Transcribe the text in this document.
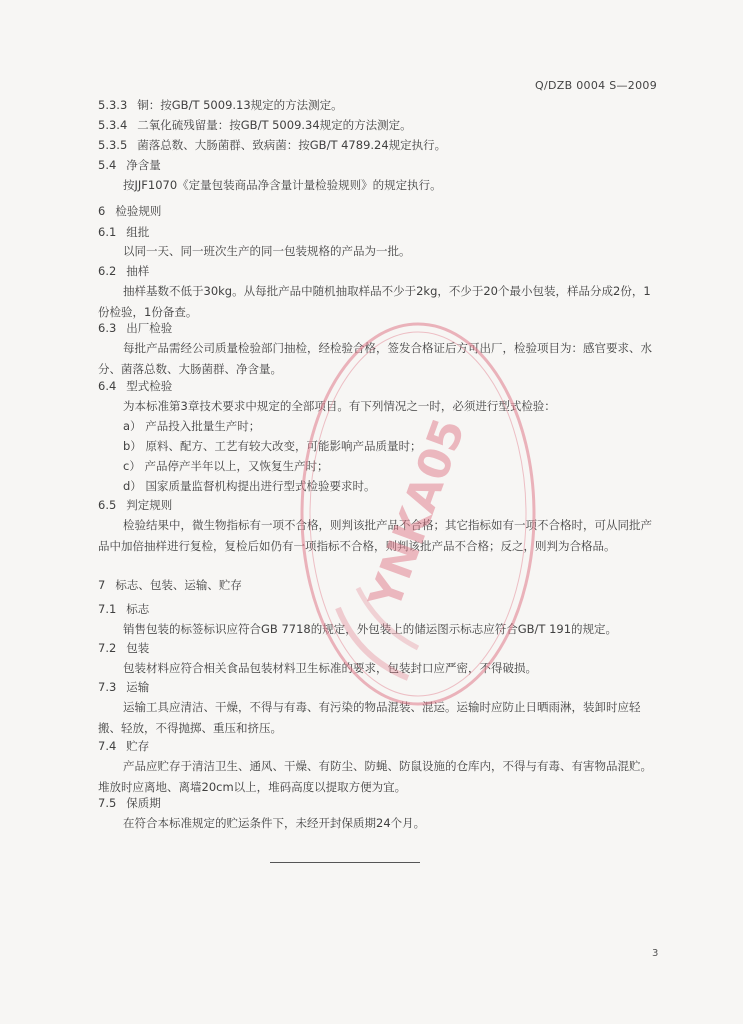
Q/DZB 0004 S—2009
5.3.3 铜：按GB/T 5009.13规定的方法测定。
5.3.4 二氧化硫残留量：按GB/T 5009.34规定的方法测定。
5.3.5 菌落总数、大肠菌群、致病菌：按GB/T 4789.24规定执行。
5.4 净含量
按JJF1070《定量包装商品净含量计量检验规则》的规定执行。
6 检验规则
6.1 组批
以同一天、同一班次生产的同一包装规格的产品为一批。
6.2 抽样
抽样基数不低于30kg。从每批产品中随机抽取样品不少于2kg，不少于20个最小包装，样品分成2份，1份检验，1份备查。
6.3 出厂检验
每批产品需经公司质量检验部门抽检，经检验合格，签发合格证后方可出厂，检验项目为：感官要求、水分、菌落总数、大肠菌群、净含量。
6.4 型式检验
为本标准第3章技术要求中规定的全部项目。有下列情况之一时，必须进行型式检验：
a） 产品投入批量生产时；
b） 原料、配方、工艺有较大改变，可能影响产品质量时；
c） 产品停产半年以上，又恢复生产时；
d） 国家质量监督机构提出进行型式检验要求时。
6.5 判定规则
检验结果中，微生物指标有一项不合格，则判该批产品不合格；其它指标如有一项不合格时，可从同批产品中加倍抽样进行复检，复检后如仍有一项指标不合格，则判该批产品不合格；反之，则判为合格品。
7 标志、包装、运输、贮存
7.1 标志
销售包装的标签标识应符合GB 7718的规定，外包装上的储运图示标志应符合GB/T 191的规定。
7.2 包装
包装材料应符合相关食品包装材料卫生标准的要求，包装封口应严密，不得破损。
7.3 运输
运输工具应清洁、干燥，不得与有毒、有污染的物品混装、混运。运输时应防止日晒雨淋，装卸时应轻搬、轻放，不得抛掷、重压和挤压。
7.4 贮存
产品应贮存于清洁卫生、通风、干燥、有防尘、防蝇、防鼠设施的仓库内，不得与有毒、有害物品混贮。堆放时应离地、离墙20cm以上，堆码高度以提取方便为宜。
7.5 保质期
在符合本标准规定的贮运条件下，未经开封保质期24个月。
3
YNKA05
